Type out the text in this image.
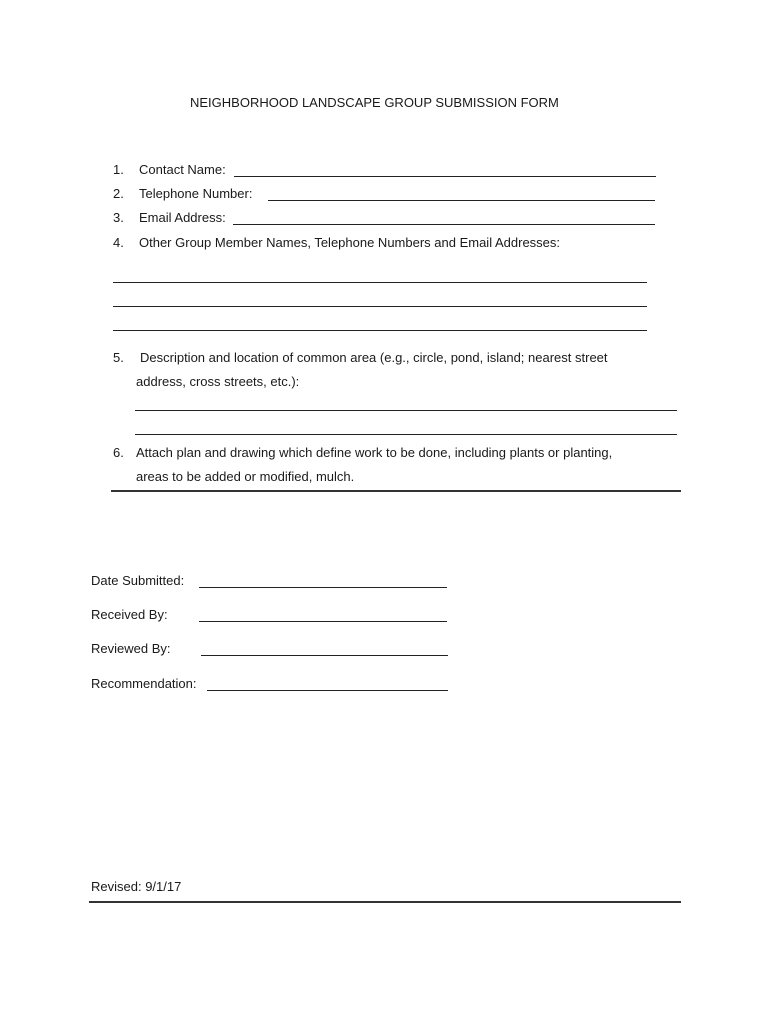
NEIGHBORHOOD LANDSCAPE GROUP SUBMISSION FORM
1. Contact Name:
2. Telephone Number:
3. Email Address:
4. Other Group Member Names, Telephone Numbers and Email Addresses:
5. Description and location of common area (e.g., circle, pond, island; nearest street
address, cross streets, etc.):
6. Attach plan and drawing which define work to be done, including plants or planting,
areas to be added or modified, mulch.
Date Submitted:
Received By:
Reviewed By:
Recommendation:
Revised: 9/1/17
